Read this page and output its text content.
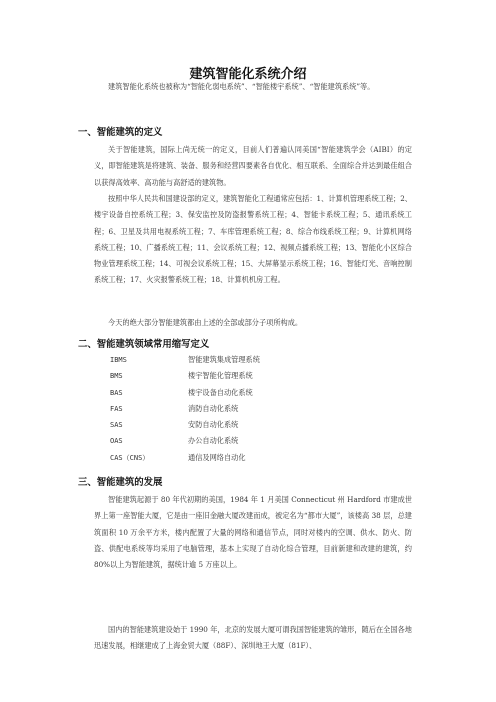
建筑智能化系统介绍

建筑智能化系统也被称为“智能化弱电系统”、“智能楼宇系统”、“智能建筑系统”等。

一、智能建筑的定义

关于智能建筑，国际上尚无统一的定义，目前人们普遍认同美国“智能建筑学会（AIBI）的定义，即智能建筑是将建筑、装备、服务和经营四要素各自优化、相互联系、全面综合并达到最佳组合以获得高效率、高功能与高舒适的建筑物。

按照中华人民共和国建设部的定义，建筑智能化工程通常应包括：1、计算机管理系统工程；2、楼宇设备自控系统工程；3、保安监控及防盗报警系统工程；4、智能卡系统工程；5、通讯系统工程；6、卫星及共用电视系统工程；7、车库管理系统工程；8、综合布线系统工程；9、计算机网络系统工程；10、广播系统工程；11、会议系统工程；12、视频点播系统工程；13、智能化小区综合物业管理系统工程；14、可视会议系统工程；15、大屏幕显示系统工程；16、智能灯光、音响控制系统工程；17、火灾报警系统工程；18、计算机机房工程。

今天的绝大部分智能建筑都由上述的全部或部分子项所构成。

二、智能建筑领域常用缩写定义
IBMS	智能建筑集成管理系统
BMS	楼宇智能化管理系统
BAS	楼宇设备自动化系统
FAS	消防自动化系统
SAS	安防自动化系统
OAS	办公自动化系统
CAS（CNS）	通信及网络自动化
三、智能建筑的发展

智能建筑起源于 80 年代初期的美国，1984 年 1 月美国 Connecticut 州 Hardford 市建成世界上第一座智能大厦，它是由一座旧金融大厦改建而成，被定名为“都市大厦”，该楼高 38 层，总建筑面积 10 万余平方米，楼内配置了大量的网络和通信节点，同时对楼内的空调、供水、防火、防盗、供配电系统等均采用了电脑管理，基本上实现了自动化综合管理，目前新建和改建的建筑，约 80%以上为智能建筑，据统计逾 5 万座以上。

国内的智能建筑建设始于 1990 年，北京的发展大厦可谓我国智能建筑的雏形，随后在全国各地迅速发展，相继建成了上海金贸大厦（88F）、深圳地王大厦（81F）、
